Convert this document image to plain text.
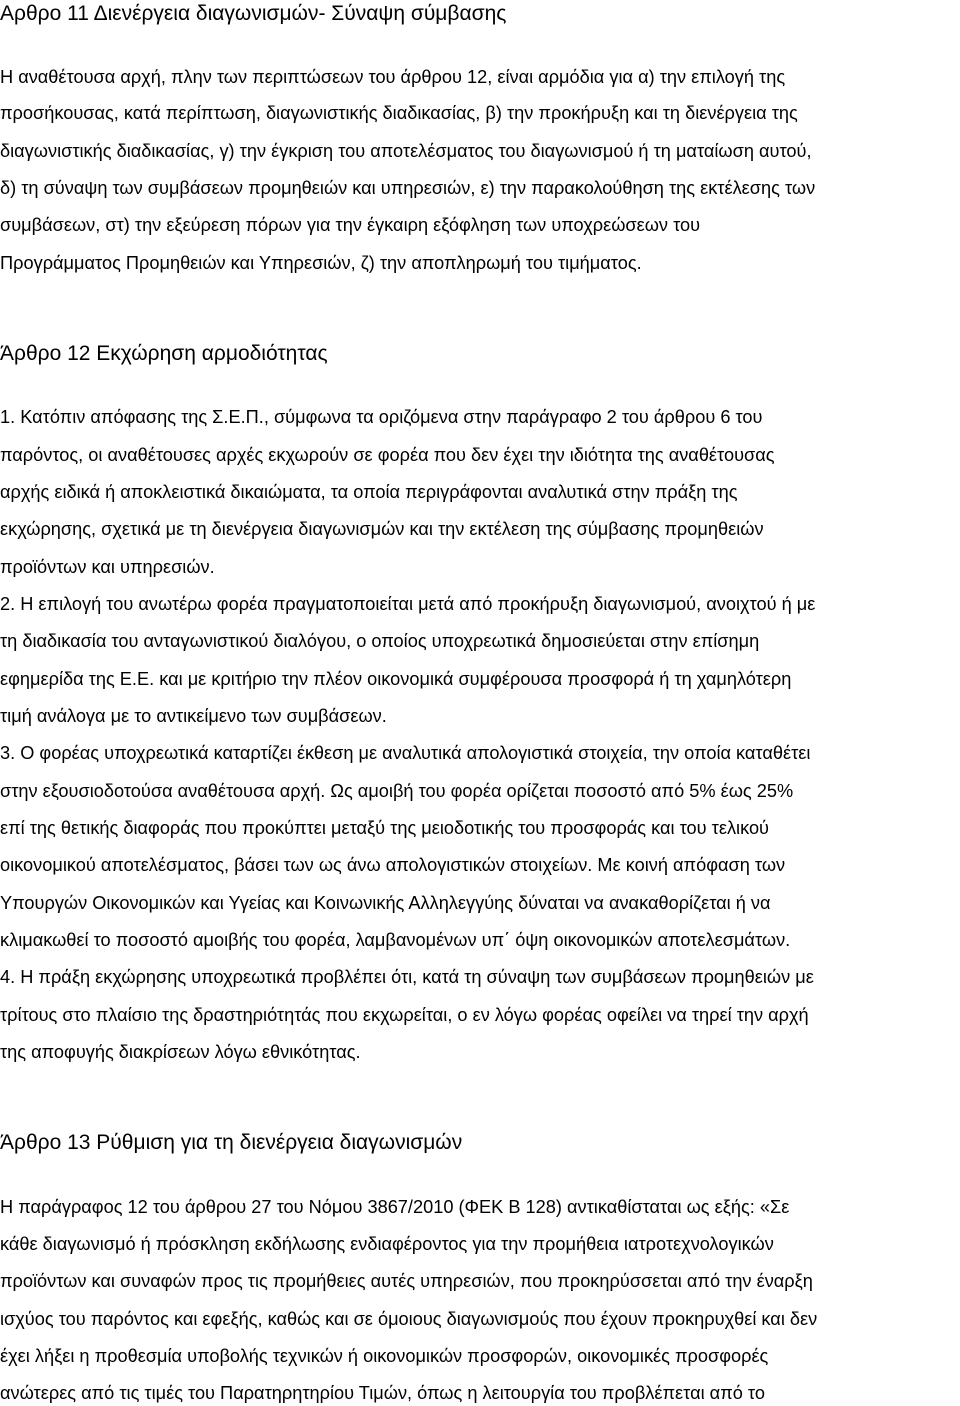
Αρθρο 11 Διενέργεια διαγωνισμών- Σύναψη σύμβασης
Η αναθέτουσα αρχή, πλην των περιπτώσεων του άρθρου 12, είναι αρμόδια για α) την επιλογή της
προσήκουσας, κατά περίπτωση, διαγωνιστικής διαδικασίας, β) την προκήρυξη και τη διενέργεια της
διαγωνιστικής διαδικασίας, γ) την έγκριση του αποτελέσματος του διαγωνισμού ή τη ματαίωση αυτού,
δ) τη σύναψη των συμβάσεων προμηθειών και υπηρεσιών, ε) την παρακολούθηση της εκτέλεσης των
συμβάσεων, στ) την εξεύρεση πόρων για την έγκαιρη εξόφληση των υποχρεώσεων του
Προγράμματος Προμηθειών και Υπηρεσιών, ζ) την αποπληρωμή του τιμήματος.
Άρθρο 12 Εκχώρηση αρμοδιότητας
1. Κατόπιν απόφασης της Σ.Ε.Π., σύμφωνα τα οριζόμενα στην παράγραφο 2 του άρθρου 6 του
παρόντος, οι αναθέτουσες αρχές εκχωρούν σε φορέα που δεν έχει την ιδιότητα της αναθέτουσας
αρχής ειδικά ή αποκλειστικά δικαιώματα, τα οποία περιγράφονται αναλυτικά στην πράξη της
εκχώρησης, σχετικά με τη διενέργεια διαγωνισμών και την εκτέλεση της σύμβασης προμηθειών
προϊόντων και υπηρεσιών.
2. Η επιλογή του ανωτέρω φορέα πραγματοποιείται μετά από προκήρυξη διαγωνισμού, ανοιχτού ή με
τη διαδικασία του ανταγωνιστικού διαλόγου, ο οποίος υποχρεωτικά δημοσιεύεται στην επίσημη
εφημερίδα της Ε.Ε. και με κριτήριο την πλέον οικονομικά συμφέρουσα προσφορά ή τη χαμηλότερη
τιμή ανάλογα με το αντικείμενο των συμβάσεων.
3. Ο φορέας υποχρεωτικά καταρτίζει έκθεση με αναλυτικά απολογιστικά στοιχεία, την οποία καταθέτει
στην εξουσιοδοτούσα αναθέτουσα αρχή. Ως αμοιβή του φορέα ορίζεται ποσοστό από 5% έως 25%
επί της θετικής διαφοράς που προκύπτει μεταξύ της μειοδοτικής του προσφοράς και του τελικού
οικονομικού αποτελέσματος, βάσει των ως άνω απολογιστικών στοιχείων. Με κοινή απόφαση των
Υπουργών Οικονομικών και Υγείας και Κοινωνικής Αλληλεγγύης δύναται να ανακαθορίζεται ή να
κλιμακωθεί το ποσοστό αμοιβής του φορέα, λαμβανομένων υπ΄ όψη οικονομικών αποτελεσμάτων.
4. Η πράξη εκχώρησης υποχρεωτικά προβλέπει ότι, κατά τη σύναψη των συμβάσεων προμηθειών με
τρίτους στο πλαίσιο της δραστηριότητάς που εκχωρείται, ο εν λόγω φορέας οφείλει να τηρεί την αρχή
της αποφυγής διακρίσεων λόγω εθνικότητας.
Άρθρο 13 Ρύθμιση για τη διενέργεια διαγωνισμών
Η παράγραφος 12 του άρθρου 27 του Νόμου 3867/2010 (ΦΕΚ Β 128) αντικαθίσταται ως εξής: «Σε
κάθε διαγωνισμό ή πρόσκληση εκδήλωσης ενδιαφέροντος για την προμήθεια ιατροτεχνολογικών
προϊόντων και συναφών προς τις προμήθειες αυτές υπηρεσιών, που προκηρύσσεται από την έναρξη
ισχύος του παρόντος και εφεξής, καθώς και σε όμοιους διαγωνισμούς που έχουν προκηρυχθεί και δεν
έχει λήξει η προθεσμία υποβολής τεχνικών ή οικονομικών προσφορών, οικονομικές προσφορές
ανώτερες από τις τιμές του Παρατηρητηρίου Τιμών, όπως η λειτουργία του προβλέπεται από το
